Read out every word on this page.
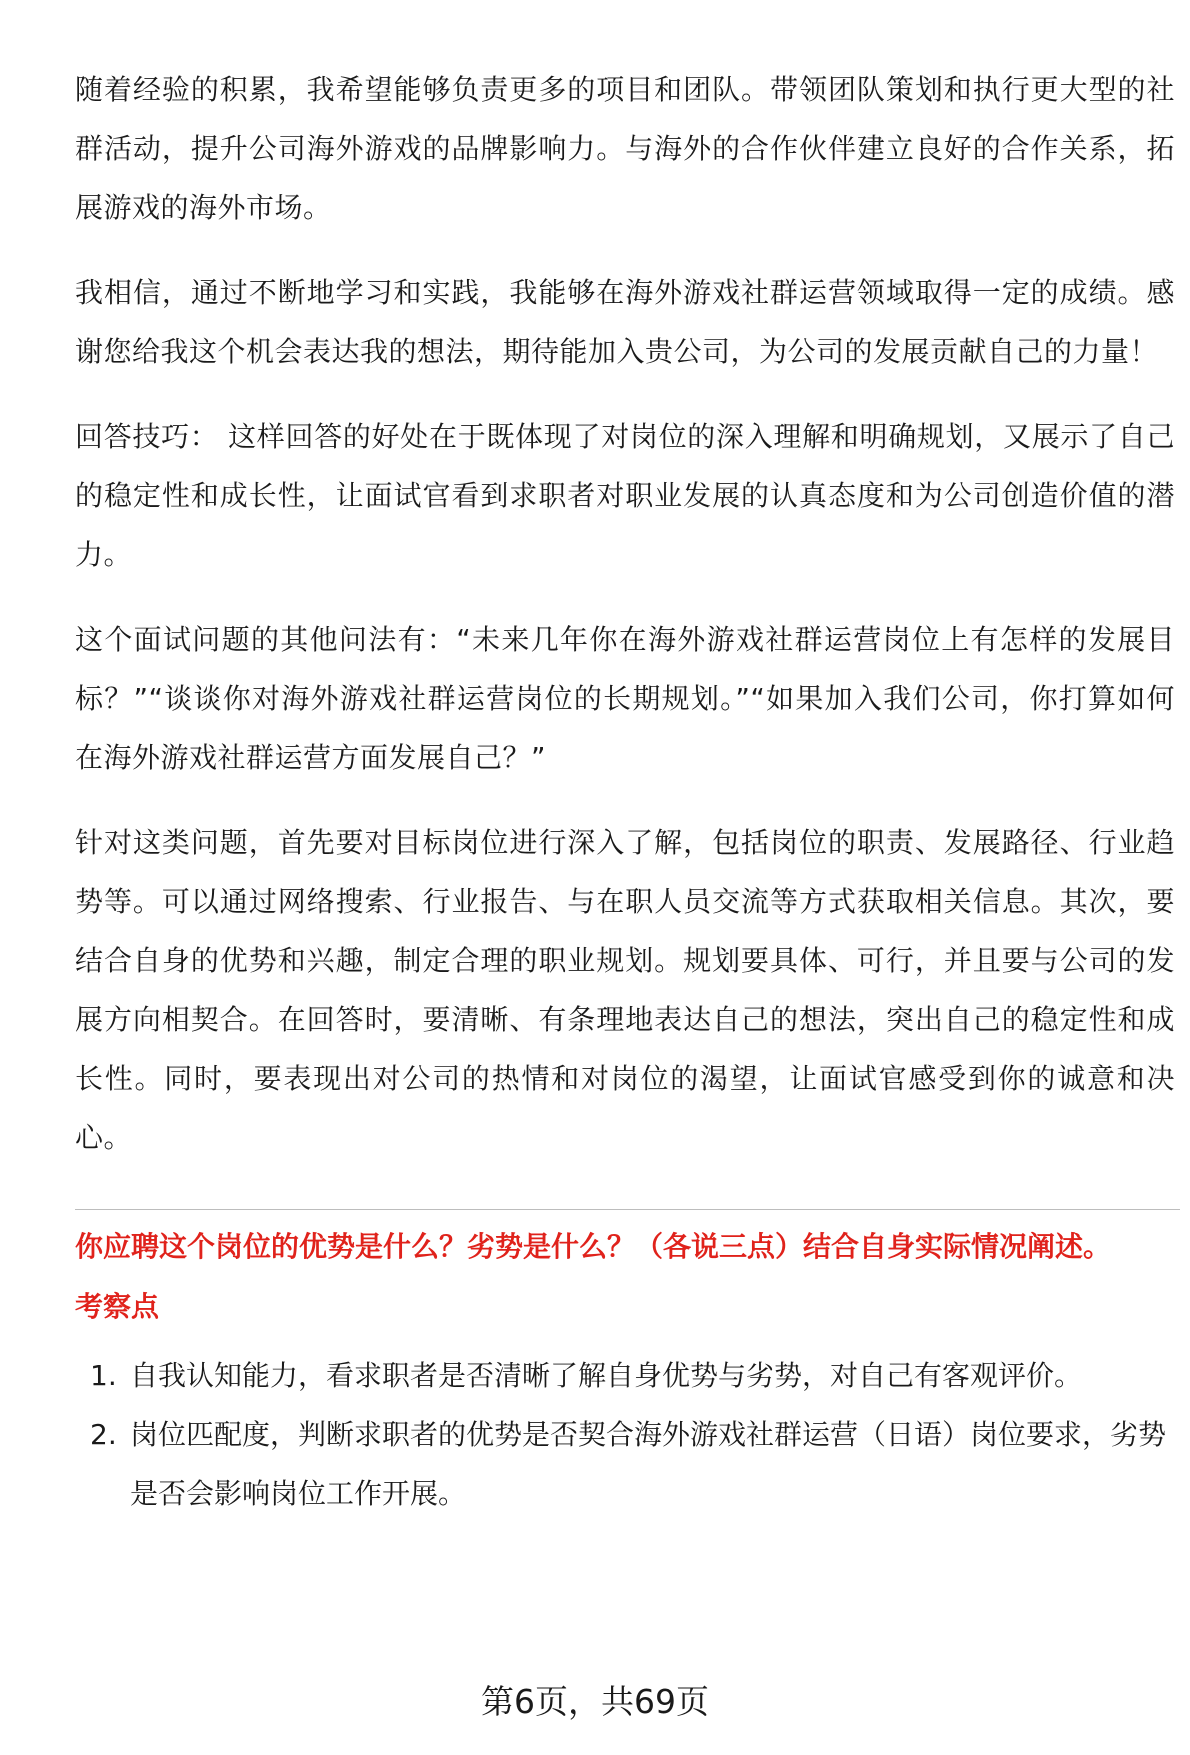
随着经验的积累，我希望能够负责更多的项目和团队。带领团队策划和执行更大型的社群活动，提升公司海外游戏的品牌影响力。与海外的合作伙伴建立良好的合作关系，拓展游戏的海外市场。

我相信，通过不断地学习和实践，我能够在海外游戏社群运营领域取得一定的成绩。感谢您给我这个机会表达我的想法，期待能加入贵公司，为公司的发展贡献自己的力量！

回答技巧： 这样回答的好处在于既体现了对岗位的深入理解和明确规划，又展示了自己的稳定性和成长性，让面试官看到求职者对职业发展的认真态度和为公司创造价值的潜力。

这个面试问题的其他问法有：“未来几年你在海外游戏社群运营岗位上有怎样的发展目标？”“谈谈你对海外游戏社群运营岗位的长期规划。”“如果加入我们公司，你打算如何在海外游戏社群运营方面发展自己？”

针对这类问题，首先要对目标岗位进行深入了解，包括岗位的职责、发展路径、行业趋势等。可以通过网络搜索、行业报告、与在职人员交流等方式获取相关信息。其次，要结合自身的优势和兴趣，制定合理的职业规划。规划要具体、可行，并且要与公司的发展方向相契合。在回答时，要清晰、有条理地表达自己的想法，突出自己的稳定性和成长性。同时，要表现出对公司的热情和对岗位的渴望，让面试官感受到你的诚意和决心。

你应聘这个岗位的优势是什么？劣势是什么？（各说三点）结合自身实际情况阐述。
考察点
1. 自我认知能力，看求职者是否清晰了解自身优势与劣势，对自己有客观评价。
2. 岗位匹配度，判断求职者的优势是否契合海外游戏社群运营（日语）岗位要求，劣势是否会影响岗位工作开展。
第6页，共69页
